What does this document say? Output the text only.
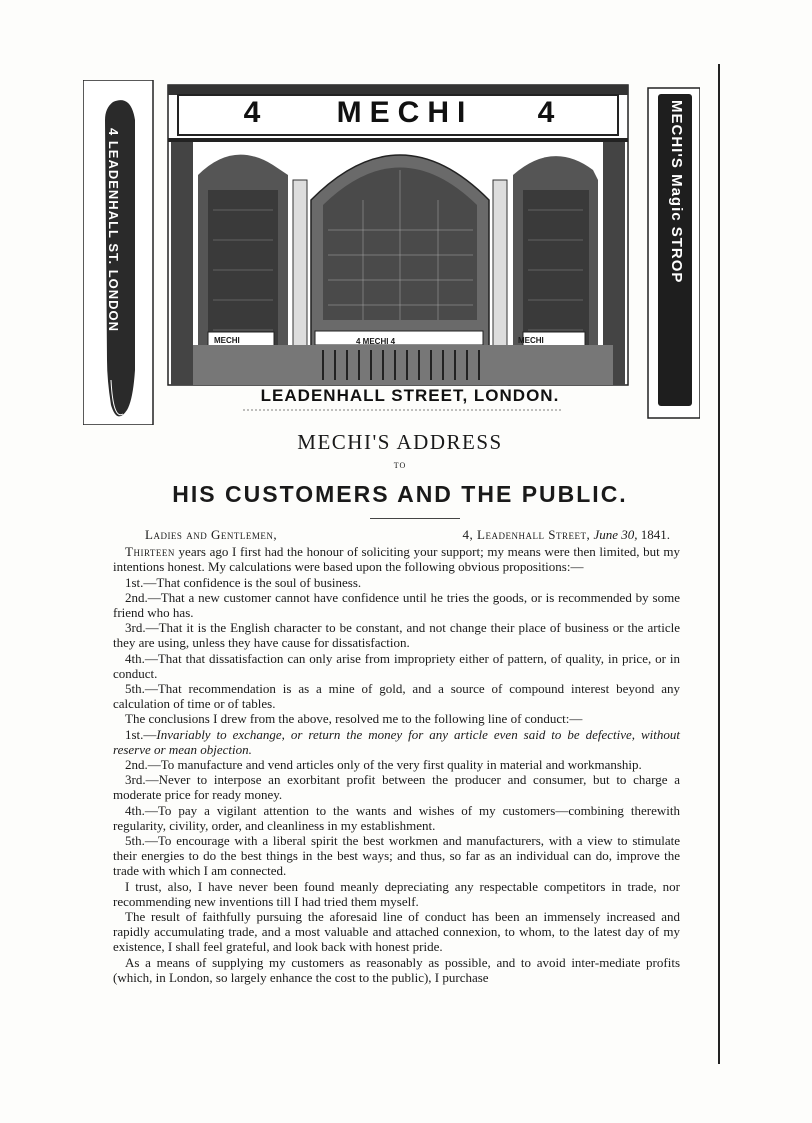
4 LEADENHALL ST. LONDON	MECHI'S Magic STROP
4	MECHI	4
MECHI	4 MECHI 4	MECHI
LEADENHALL STREET, LONDON.
MECHI'S ADDRESS
TO
HIS CUSTOMERS AND THE PUBLIC.
Ladies and Gentlemen,	4, Leadenhall Street, June 30, 1841.

Thirteen years ago I first had the honour of soliciting your support; my means were then limited, but my intentions honest. My calculations were based upon the following obvious propositions:—

1st.—That confidence is the soul of business.

2nd.—That a new customer cannot have confidence until he tries the goods, or is recommended by some friend who has.

3rd.—That it is the English character to be constant, and not change their place of business or the article they are using, unless they have cause for dissatisfaction.

4th.—That that dissatisfaction can only arise from impropriety either of pattern, of quality, in price, or in conduct.

5th.—That recommendation is as a mine of gold, and a source of compound interest beyond any calculation of time or of tables.

The conclusions I drew from the above, resolved me to the following line of conduct:—

1st.—Invariably to exchange, or return the money for any article even said to be defective, without reserve or mean objection.

2nd.—To manufacture and vend articles only of the very first quality in material and workmanship.

3rd.—Never to interpose an exorbitant profit between the producer and consumer, but to charge a moderate price for ready money.

4th.—To pay a vigilant attention to the wants and wishes of my customers—combining therewith regularity, civility, order, and cleanliness in my establishment.

5th.—To encourage with a liberal spirit the best workmen and manufacturers, with a view to stimulate their energies to do the best things in the best ways; and thus, so far as an individual can do, improve the trade with which I am connected.

I trust, also, I have never been found meanly depreciating any respectable competitors in trade, nor recommending new inventions till I had tried them myself.

The result of faithfully pursuing the aforesaid line of conduct has been an immensely increased and rapidly accumulating trade, and a most valuable and attached connexion, to whom, to the latest day of my existence, I shall feel grateful, and look back with honest pride.

As a means of supplying my customers as reasonably as possible, and to avoid inter-mediate profits (which, in London, so largely enhance the cost to the public), I purchase
